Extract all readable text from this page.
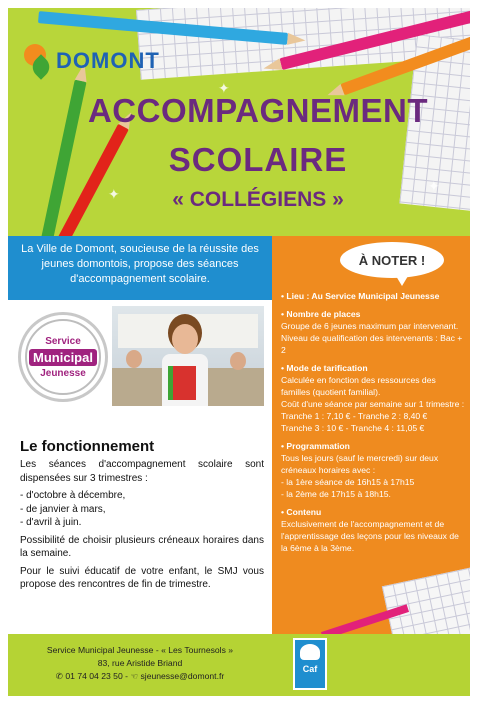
DOMONT
✦
✦	✦
ACCOMPAGNEMENT
SCOLAIRE
« COLLÉGIENS »
La Ville de Domont, soucieuse de la réussite des jeunes domontois, propose des séances d'accompagnement scolaire.
Service
Municipal
Jeunesse
Le fonctionnement

Les séances d'accompagnement scolaire sont dispensées sur 3 trimestres :

- d'octobre à décembre,

- de janvier à mars,

- d'avril à juin.

Possibilité de choisir plusieurs créneaux horaires dans la semaine.

Pour le suivi éducatif de votre enfant, le SMJ vous propose des rencontres de fin de trimestre.

À NOTER !
• Lieu : Au Service Municipal Jeunesse
• Nombre de places
Groupe de 6 jeunes maximum par intervenant. Niveau de qualification des intervenants : Bac + 2
• Mode de tarification
Calculée en fonction des ressources des familles (quotient familial).
Coût d'une séance par semaine sur 1 trimestre :
Tranche 1 : 7,10 € - Tranche 2 : 8,40 €
Tranche 3 : 10 € - Tranche 4 : 11,05 €
• Programmation
Tous les jours (sauf le mercredi) sur deux créneaux horaires avec :
- la 1ère séance de 16h15 à 17h15
- la 2ème de 17h15 à 18h15.
• Contenu
Exclusivement de l'accompagnement et de l'apprentissage des leçons pour les niveaux de la 6ème à la 3ème.
Service Municipal Jeunesse - « Les Tournesols »
83, rue Aristide Briand
✆ 01 74 04 23 50 - ☜ sjeunesse@domont.fr
Caf
